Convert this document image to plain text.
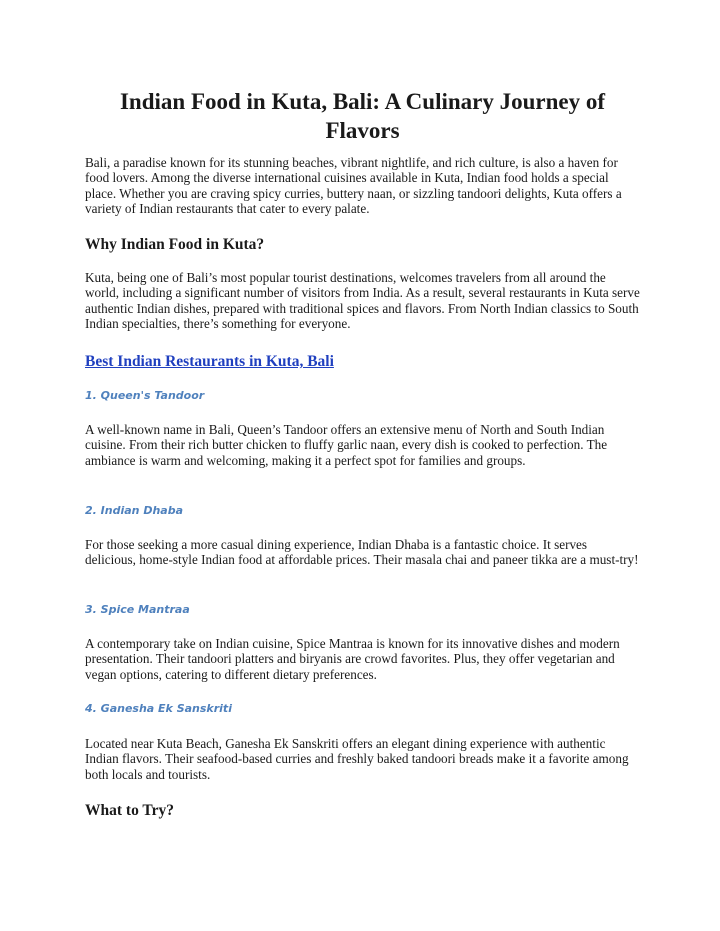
Indian Food in Kuta, Bali: A Culinary Journey of Flavors

Bali, a paradise known for its stunning beaches, vibrant nightlife, and rich culture, is also a haven for food lovers. Among the diverse international cuisines available in Kuta, Indian food holds a special place. Whether you are craving spicy curries, buttery naan, or sizzling tandoori delights, Kuta offers a variety of Indian restaurants that cater to every palate.

Why Indian Food in Kuta?

Kuta, being one of Bali’s most popular tourist destinations, welcomes travelers from all around the world, including a significant number of visitors from India. As a result, several restaurants in Kuta serve authentic Indian dishes, prepared with traditional spices and flavors. From North Indian classics to South Indian specialties, there’s something for everyone.

Best Indian Restaurants in Kuta, Bali
1. Queen's Tandoor

A well-known name in Bali, Queen’s Tandoor offers an extensive menu of North and South Indian cuisine. From their rich butter chicken to fluffy garlic naan, every dish is cooked to perfection. The ambiance is warm and welcoming, making it a perfect spot for families and groups.

2. Indian Dhaba

For those seeking a more casual dining experience, Indian Dhaba is a fantastic choice. It serves delicious, home-style Indian food at affordable prices. Their masala chai and paneer tikka are a must-try!

3. Spice Mantraa

A contemporary take on Indian cuisine, Spice Mantraa is known for its innovative dishes and modern presentation. Their tandoori platters and biryanis are crowd favorites. Plus, they offer vegetarian and vegan options, catering to different dietary preferences.

4. Ganesha Ek Sanskriti

Located near Kuta Beach, Ganesha Ek Sanskriti offers an elegant dining experience with authentic Indian flavors. Their seafood-based curries and freshly baked tandoori breads make it a favorite among both locals and tourists.

What to Try?
